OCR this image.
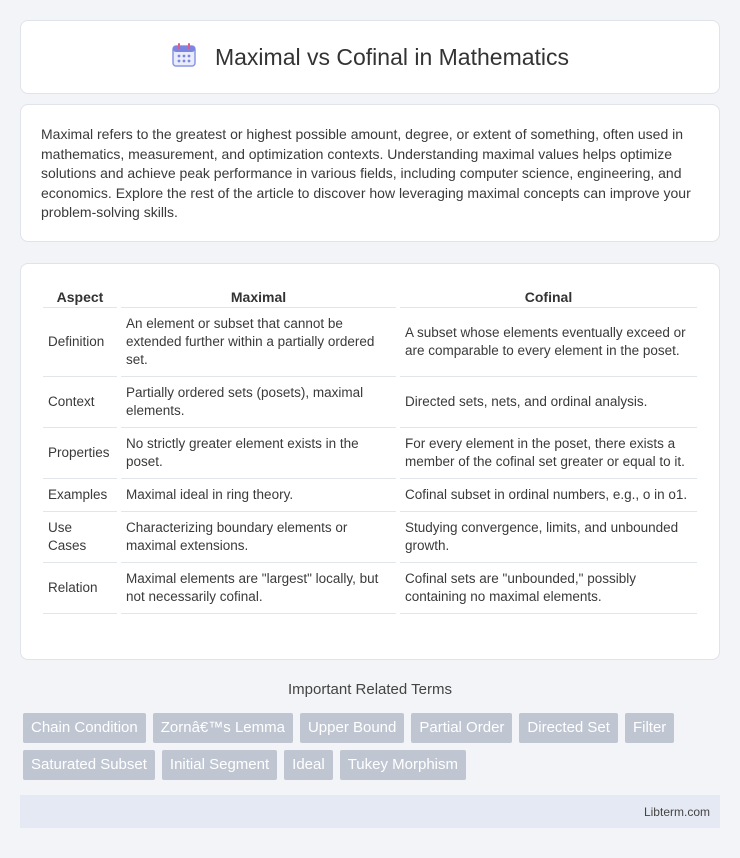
Maximal vs Cofinal in Mathematics

Maximal refers to the greatest or highest possible amount, degree, or extent of something, often used in mathematics, measurement, and optimization contexts. Understanding maximal values helps optimize solutions and achieve peak performance in various fields, including computer science, engineering, and economics. Explore the rest of the article to discover how leveraging maximal concepts can improve your problem-solving skills.

Aspect	Maximal	Cofinal
Definition	An element or subset that cannot be extended further within a partially ordered set.	A subset whose elements eventually exceed or are comparable to every element in the poset.
Context	Partially ordered sets (posets), maximal elements.	Directed sets, nets, and ordinal analysis.
Properties	No strictly greater element exists in the poset.	For every element in the poset, there exists a member of the cofinal set greater or equal to it.
Examples	Maximal ideal in ring theory.	Cofinal subset in ordinal numbers, e.g., o in o1.
Use Cases	Characterizing boundary elements or maximal extensions.	Studying convergence, limits, and unbounded growth.
Relation	Maximal elements are "largest" locally, but not necessarily cofinal.	Cofinal sets are "unbounded," possibly containing no maximal elements.
Important Related Terms
Chain Condition	Zornâ€™s Lemma	Upper Bound	Partial Order	Directed Set	Filter
Saturated Subset	Initial Segment	Ideal	Tukey Morphism
Libterm.com
